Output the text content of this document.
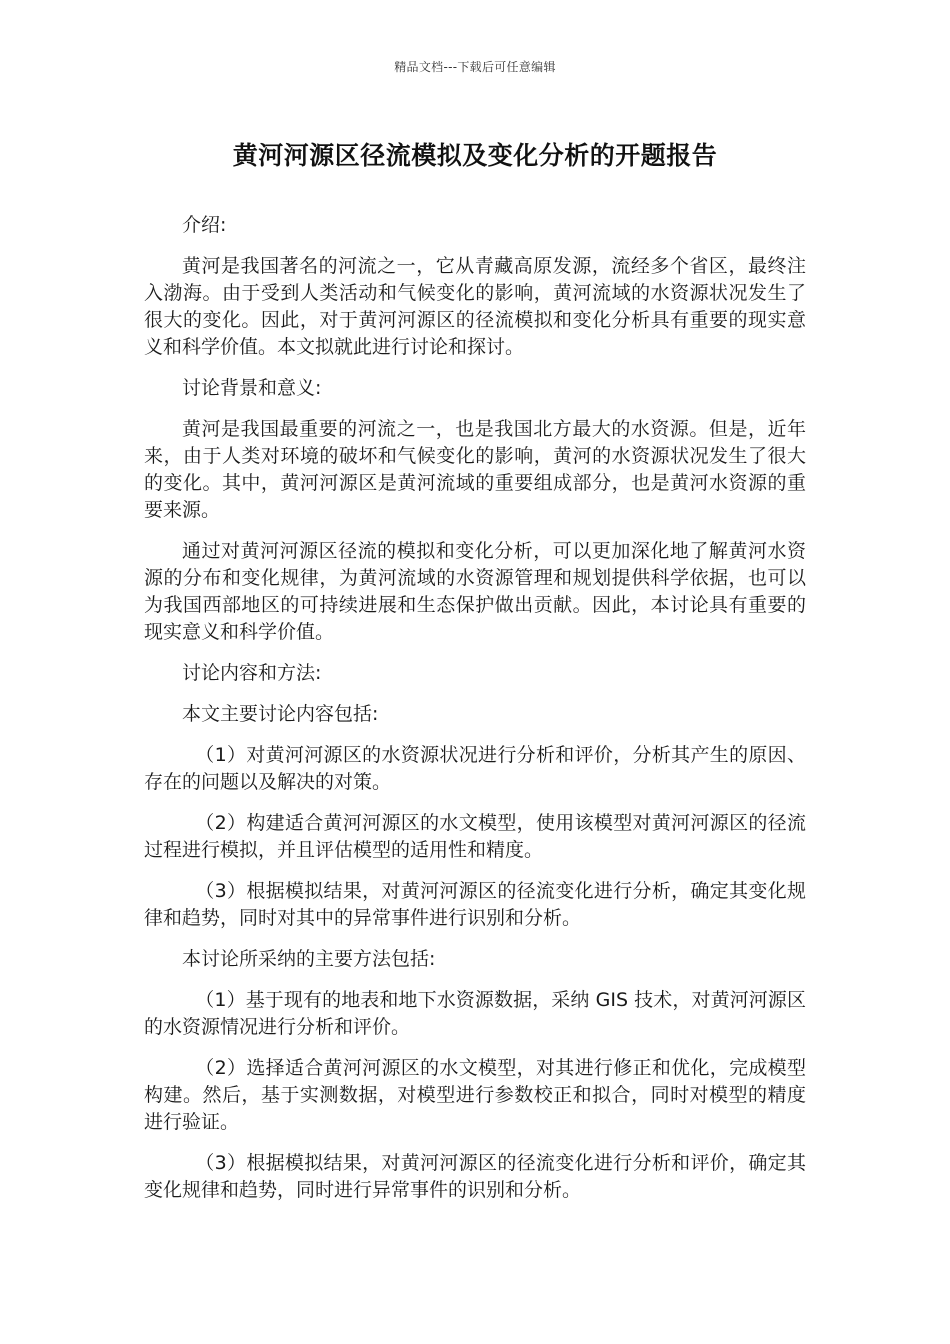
精品文档---下载后可任意编辑
黄河河源区径流模拟及变化分析的开题报告

介绍:

黄河是我国著名的河流之一，它从青藏高原发源，流经多个省区，最终注入渤海。由于受到人类活动和气候变化的影响，黄河流域的水资源状况发生了很大的变化。因此，对于黄河河源区的径流模拟和变化分析具有重要的现实意义和科学价值。本文拟就此进行讨论和探讨。

讨论背景和意义:

黄河是我国最重要的河流之一，也是我国北方最大的水资源。但是，近年来，由于人类对环境的破坏和气候变化的影响，黄河的水资源状况发生了很大的变化。其中，黄河河源区是黄河流域的重要组成部分，也是黄河水资源的重要来源。

通过对黄河河源区径流的模拟和变化分析，可以更加深化地了解黄河水资源的分布和变化规律，为黄河流域的水资源管理和规划提供科学依据，也可以为我国西部地区的可持续进展和生态保护做出贡献。因此，本讨论具有重要的现实意义和科学价值。

讨论内容和方法:

本文主要讨论内容包括:

（1）对黄河河源区的水资源状况进行分析和评价，分析其产生的原因、存在的问题以及解决的对策。

（2）构建适合黄河河源区的水文模型，使用该模型对黄河河源区的径流过程进行模拟，并且评估模型的适用性和精度。

（3）根据模拟结果，对黄河河源区的径流变化进行分析，确定其变化规律和趋势，同时对其中的异常事件进行识别和分析。

本讨论所采纳的主要方法包括:

（1）基于现有的地表和地下水资源数据，采纳 GIS 技术，对黄河河源区的水资源情况进行分析和评价。

（2）选择适合黄河河源区的水文模型，对其进行修正和优化，完成模型构建。然后，基于实测数据，对模型进行参数校正和拟合，同时对模型的精度进行验证。

（3）根据模拟结果，对黄河河源区的径流变化进行分析和评价，确定其变化规律和趋势，同时进行异常事件的识别和分析。
